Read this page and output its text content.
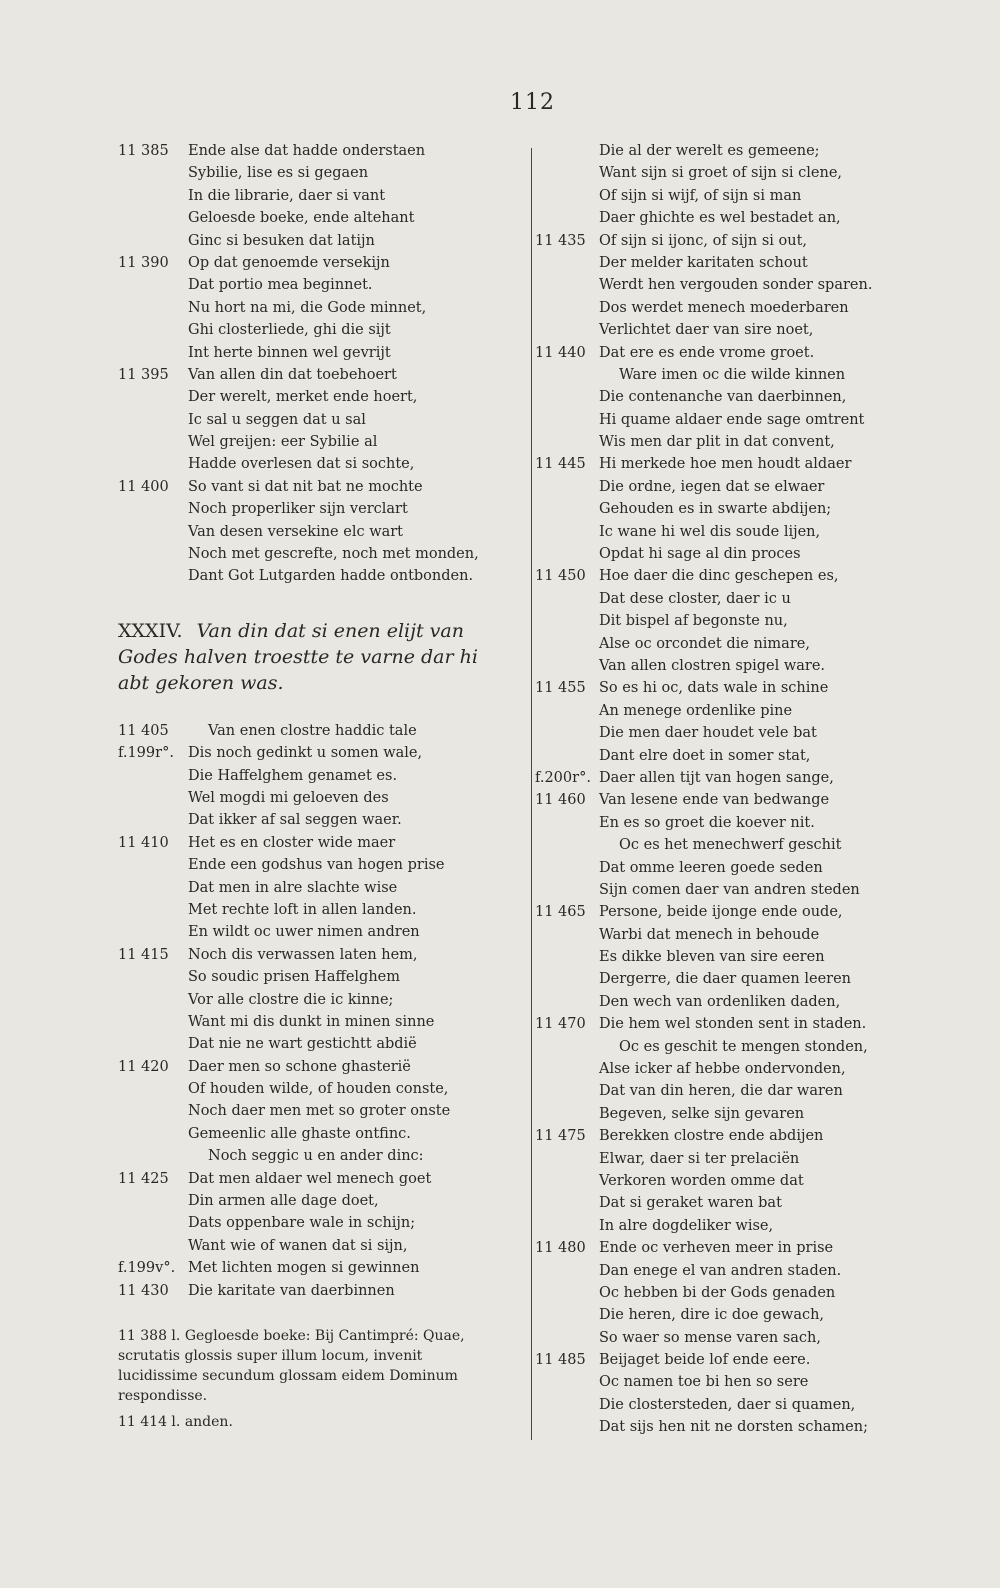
112
11 385	Ende alse dat hadde onderstaen
Sybilie, lise es si gegaen
In die librarie, daer si vant
Geloesde boeke, ende altehant
Ginc si besuken dat latijn
11 390	Op dat genoemde versekijn
Dat portio mea beginnet.
Nu hort na mi, die Gode minnet,
Ghi closterliede, ghi die sijt
Int herte binnen wel gevrijt
11 395	Van allen din dat toebehoert
Der werelt, merket ende hoert,
Ic sal u seggen dat u sal
Wel greijen: eer Sybilie al
Hadde overlesen dat si sochte,
11 400	So vant si dat nit bat ne mochte
Noch properliker sijn verclart
Van desen versekine elc wart
Noch met gescrefte, noch met monden,
Dant Got Lutgarden hadde ontbonden.
XXXIV. Van din dat si enen elijt van Godes halven troestte te varne dar hi abt gekoren was.
11 405	Van enen clostre haddic tale
f.199r°. Dis noch gedinkt u somen wale,
Die Haffelghem genamet es.
Wel mogdi mi geloeven des
Dat ikker af sal seggen waer.
11 410	Het es en closter wide maer
Ende een godshus van hogen prise
Dat men in alre slachte wise
Met rechte loft in allen landen.
En wildt oc uwer nimen andren
11 415	Noch dis verwassen laten hem,
So soudic prisen Haffelghem
Vor alle clostre die ic kinne;
Want mi dis dunkt in minen sinne
Dat nie ne wart gestichtt abdië
11 420	Daer men so schone ghasterië
Of houden wilde, of houden conste,
Noch daer men met so groter onste
Gemeenlic alle ghaste ontfinc.
Noch seggic u en ander dinc:
11 425	Dat men aldaer wel menech goet
Din armen alle dage doet,
Dats oppenbare wale in schijn;
Want wie of wanen dat si sijn,
f.199v°. Met lichten mogen si gewinnen
11 430	Die karitate van daerbinnen

11 388 l. Gegloesde boeke: Bij Cantimpré: Quae, scrutatis glossis super illum locum, invenit lucidissime secundum glossam eidem Dominum respondisse.

11 414 l. anden.

Die al der werelt es gemeene;
Want sijn si groet of sijn si clene,
Of sijn si wijf, of sijn si man
Daer ghichte es wel bestadet an,
11 435 Of sijn si ijonc, of sijn si out,
Der melder karitaten schout
Werdt hen vergouden sonder sparen.
Dos werdet menech moederbaren
Verlichtet daer van sire noet,
11 440 Dat ere es ende vrome groet.
Ware imen oc die wilde kinnen
Die contenanche van daerbinnen,
Hi quame aldaer ende sage omtrent
Wis men dar plit in dat convent,
11 445 Hi merkede hoe men houdt aldaer
Die ordne, iegen dat se elwaer
Gehouden es in swarte abdijen;
Ic wane hi wel dis soude lijen,
Opdat hi sage al din proces
11 450 Hoe daer die dinc geschepen es,
Dat dese closter, daer ic u
Dit bispel af begonste nu,
Alse oc orcondet die nimare,
Van allen clostren spigel ware.
11 455 So es hi oc, dats wale in schine
An menege ordenlike pine
Die men daer houdet vele bat
Dant elre doet in somer stat,
f.200r°. Daer allen tijt van hogen sange,
11 460 Van lesene ende van bedwange
En es so groet die koever nit.
Oc es het menechwerf geschit
Dat omme leeren goede seden
Sijn comen daer van andren steden
11 465 Persone, beide ijonge ende oude,
Warbi dat menech in behoude
Es dikke bleven van sire eeren
Dergerre, die daer quamen leeren
Den wech van ordenliken daden,
11 470 Die hem wel stonden sent in staden.
Oc es geschit te mengen stonden,
Alse icker af hebbe ondervonden,
Dat van din heren, die dar waren
Begeven, selke sijn gevaren
11 475 Berekken clostre ende abdijen
Elwar, daer si ter prelaciën
Verkoren worden omme dat
Dat si geraket waren bat
In alre dogdeliker wise,
11 480 Ende oc verheven meer in prise
Dan enege el van andren staden.
Oc hebben bi der Gods genaden
Die heren, dire ic doe gewach,
So waer so mense varen sach,
11 485 Beijaget beide lof ende eere.
Oc namen toe bi hen so sere
Die clostersteden, daer si quamen,
Dat sijs hen nit ne dorsten schamen;
